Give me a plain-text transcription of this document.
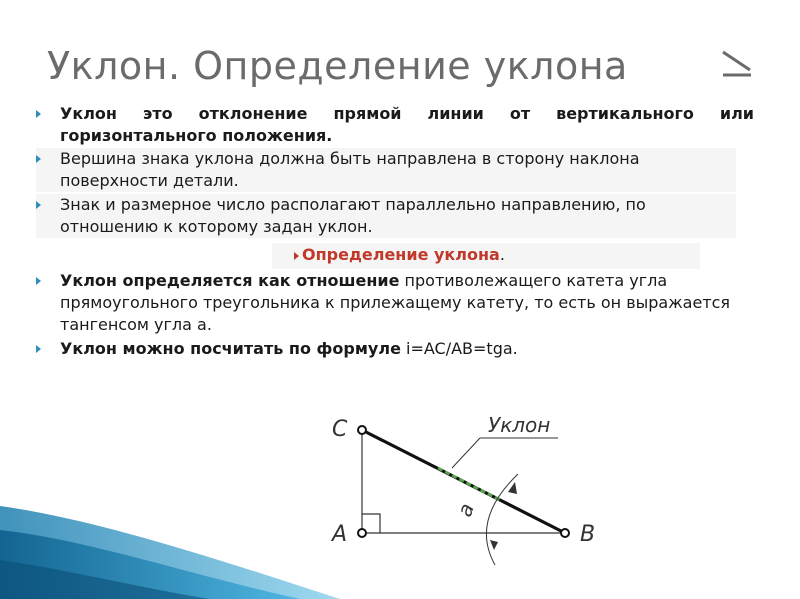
Уклон. Определение уклона
Уклон это отклонение прямой линии от вертикального или горизонтального положения.
Вершина знака уклона должна быть направлена в сторону наклона поверхности детали.
Знак и размерное число располагают параллельно направлению, по отношению к которому задан уклон.
Определение уклона.
Уклон определяется как отношение противолежащего катета угла прямоугольного треугольника к прилежащему катету, то есть он выражается тангенсом угла a.
Уклон можно посчитать по формуле i=AC/AB=tga.
C
A	B
Уклон
a
